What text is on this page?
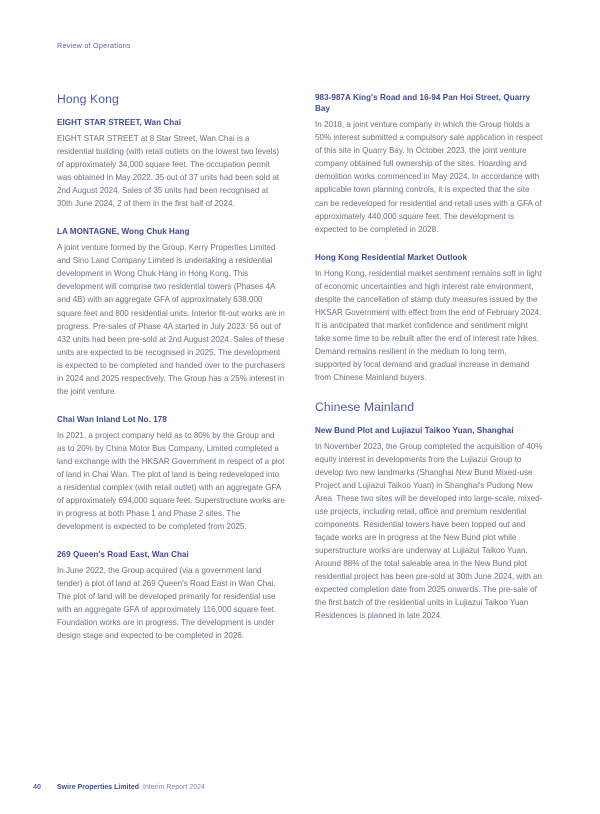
Review of Operations
Hong Kong
EIGHT STAR STREET, Wan Chai

EIGHT STAR STREET at 8 Star Street, Wan Chai is a residential building (with retail outlets on the lowest two levels) of approximately 34,000 square feet. The occupation permit was obtained in May 2022. 35 out of 37 units had been sold at 2nd August 2024. Sales of 35 units had been recognised at 30th June 2024, 2 of them in the first half of 2024.

LA MONTAGNE, Wong Chuk Hang

A joint venture formed by the Group, Kerry Properties Limited and Sino Land Company Limited is undertaking a residential development in Wong Chuk Hang in Hong Kong. This development will comprise two residential towers (Phases 4A and 4B) with an aggregate GFA of approximately 638,000 square feet and 800 residential units. Interior fit-out works are in progress. Pre-sales of Phase 4A started in July 2023. 56 out of 432 units had been pre-sold at 2nd August 2024. Sales of these units are expected to be recognised in 2025. The development is expected to be completed and handed over to the purchasers in 2024 and 2025 respectively. The Group has a 25% interest in the joint venture.

Chai Wan Inland Lot No. 178

In 2021, a project company held as to 80% by the Group and as to 20% by China Motor Bus Company, Limited completed a land exchange with the HKSAR Government in respect of a plot of land in Chai Wan. The plot of land is being redeveloped into a residential complex (with retail outlet) with an aggregate GFA of approximately 694,000 square feet. Superstructure works are in progress at both Phase 1 and Phase 2 sites. The development is expected to be completed from 2025.

269 Queen's Road East, Wan Chai

In June 2022, the Group acquired (via a government land tender) a plot of land at 269 Queen's Road East in Wan Chai. The plot of land will be developed primarily for residential use with an aggregate GFA of approximately 116,000 square feet. Foundation works are in progress. The development is under design stage and expected to be completed in 2026.

983-987A King's Road and 16-94 Pan Hoi Street, Quarry Bay

In 2018, a joint venture company in which the Group holds a 50% interest submitted a compulsory sale application in respect of this site in Quarry Bay. In October 2023, the joint venture company obtained full ownership of the sites. Hoarding and demolition works commenced in May 2024. In accordance with applicable town planning controls, it is expected that the site can be redeveloped for residential and retail uses with a GFA of approximately 440,000 square feet. The development is expected to be completed in 2028.

Hong Kong Residential Market Outlook

In Hong Kong, residential market sentiment remains soft in light of economic uncertainties and high interest rate environment, despite the cancellation of stamp duty measures issued by the HKSAR Government with effect from the end of February 2024. It is anticipated that market confidence and sentiment might take some time to be rebuilt after the end of interest rate hikes. Demand remains resilient in the medium to long term, supported by local demand and gradual increase in demand from Chinese Mainland buyers.

Chinese Mainland
New Bund Plot and Lujiazui Taikoo Yuan, Shanghai

In November 2023, the Group completed the acquisition of 40% equity interest in developments from the Lujiazui Group to develop two new landmarks (Shanghai New Bund Mixed-use Project and Lujiazui Taikoo Yuan) in Shanghai's Pudong New Area. These two sites will be developed into large-scale, mixed-use projects, including retail, office and premium residential components. Residential towers have been topped out and façade works are in progress at the New Bund plot while superstructure works are underway at Lujiazui Taikoo Yuan. Around 88% of the total saleable area in the New Bund plot residential project has been pre-sold at 30th June 2024, with an expected completion date from 2025 onwards. The pre-sale of the first batch of the residential units in Lujiazui Taikoo Yuan Residences is planned in late 2024.

40	Swire Properties Limited Interim Report 2024
